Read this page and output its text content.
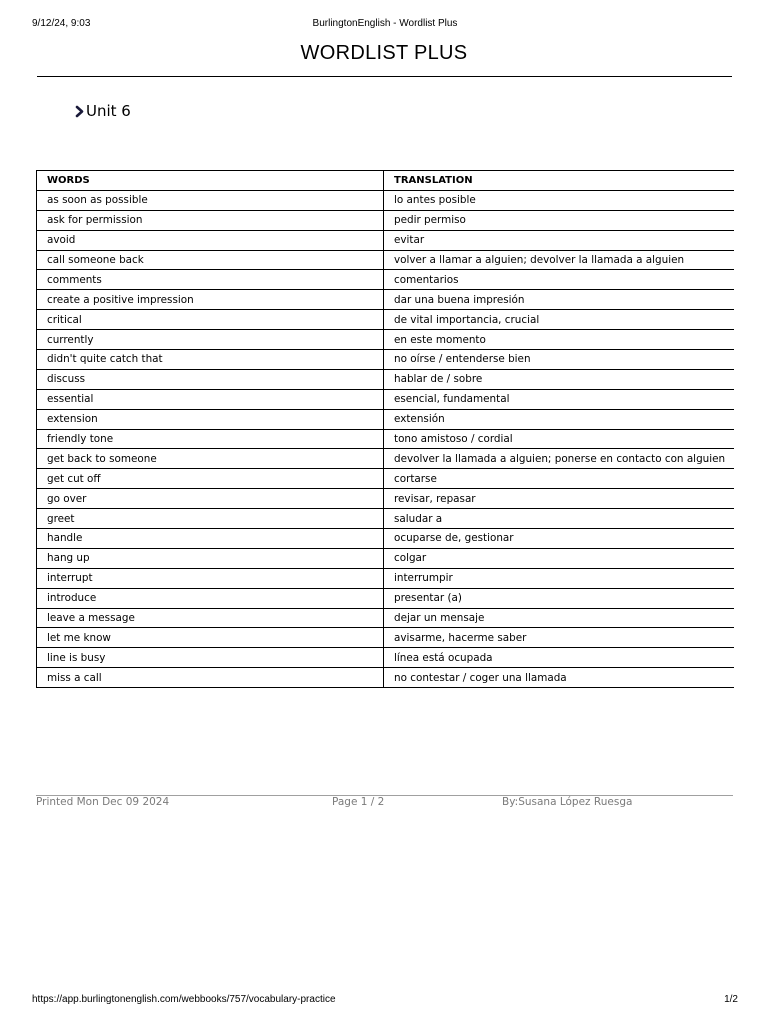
9/12/24, 9:03	BurlingtonEnglish - Wordlist Plus
WORDLIST PLUS
Unit 6
WORDS	TRANSLATION
as soon as possible	lo antes posible
ask for permission	pedir permiso
avoid	evitar
call someone back	volver a llamar a alguien; devolver la llamada a alguien
comments	comentarios
create a positive impression	dar una buena impresión
critical	de vital importancia, crucial
currently	en este momento
didn't quite catch that	no oírse / entenderse bien
discuss	hablar de / sobre
essential	esencial, fundamental
extension	extensión
friendly tone	tono amistoso / cordial
get back to someone	devolver la llamada a alguien; ponerse en contacto con alguien
get cut off	cortarse
go over	revisar, repasar
greet	saludar a
handle	ocuparse de, gestionar
hang up	colgar
interrupt	interrumpir
introduce	presentar (a)
leave a message	dejar un mensaje
let me know	avisarme, hacerme saber
line is busy	línea está ocupada
miss a call	no contestar / coger una llamada
Printed Mon Dec 09 2024	Page 1 / 2	By:Susana López Ruesga
https://app.burlingtonenglish.com/webbooks/757/vocabulary-practice	1/2
